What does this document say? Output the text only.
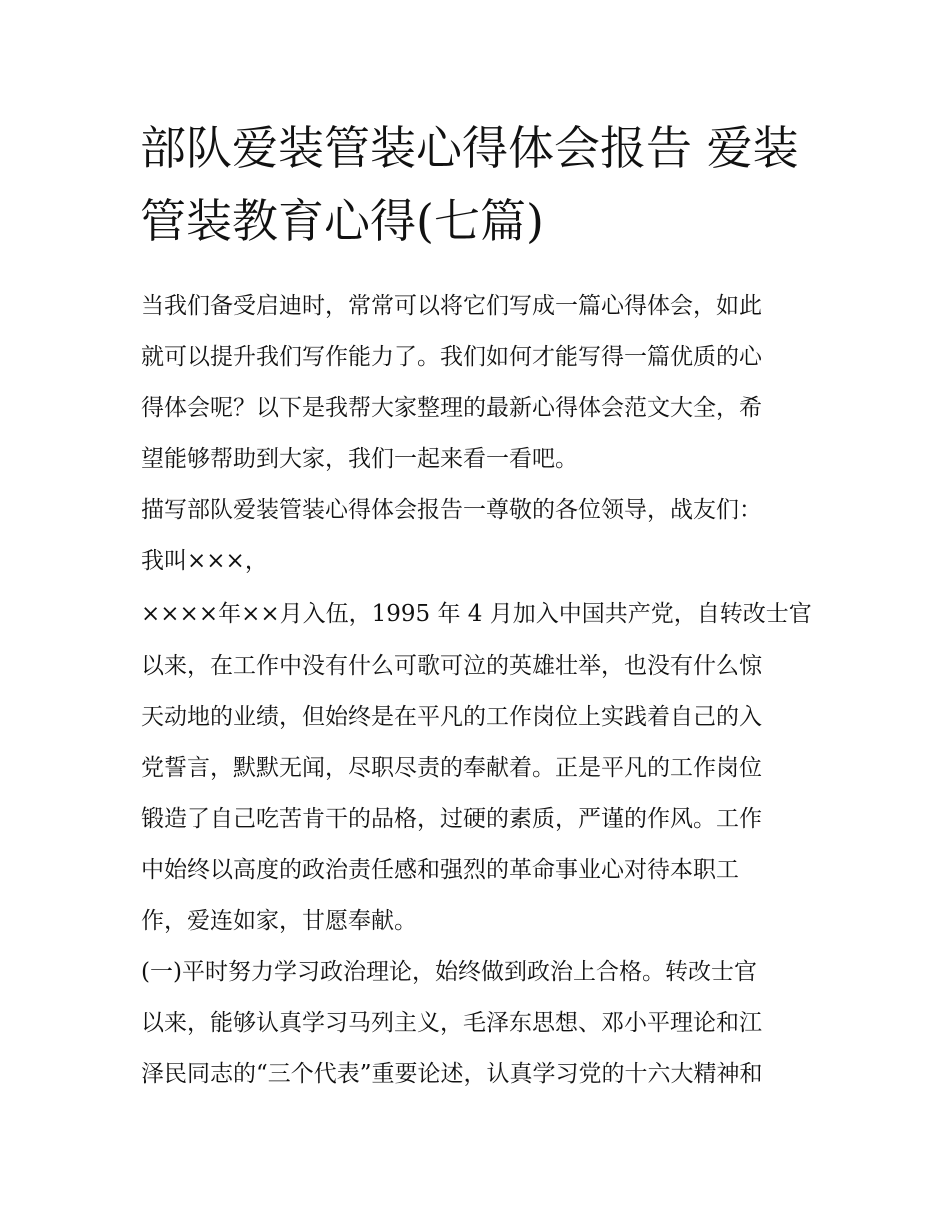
部队爱装管装心得体会报告 爱装管装教育心得(七篇)
当我们备受启迪时，常常可以将它们写成一篇心得体会，如此
就可以提升我们写作能力了。我们如何才能写得一篇优质的心
得体会呢？以下是我帮大家整理的最新心得体会范文大全，希
望能够帮助到大家，我们一起来看一看吧。
描写部队爱装管装心得体会报告一尊敬的各位领导，战友们：
我叫×××，
××××年××月入伍，1995 年 4 月加入中国共产党，自转改士官
以来，在工作中没有什么可歌可泣的英雄壮举，也没有什么惊
天动地的业绩，但始终是在平凡的工作岗位上实践着自己的入
党誓言，默默无闻，尽职尽责的奉献着。正是平凡的工作岗位
锻造了自己吃苦肯干的品格，过硬的素质，严谨的作风。工作
中始终以高度的政治责任感和强烈的革命事业心对待本职工
作，爱连如家，甘愿奉献。
(一)平时努力学习政治理论，始终做到政治上合格。转改士官
以来，能够认真学习马列主义，毛泽东思想、邓小平理论和江
泽民同志的“三个代表”重要论述，认真学习党的十六大精神和
